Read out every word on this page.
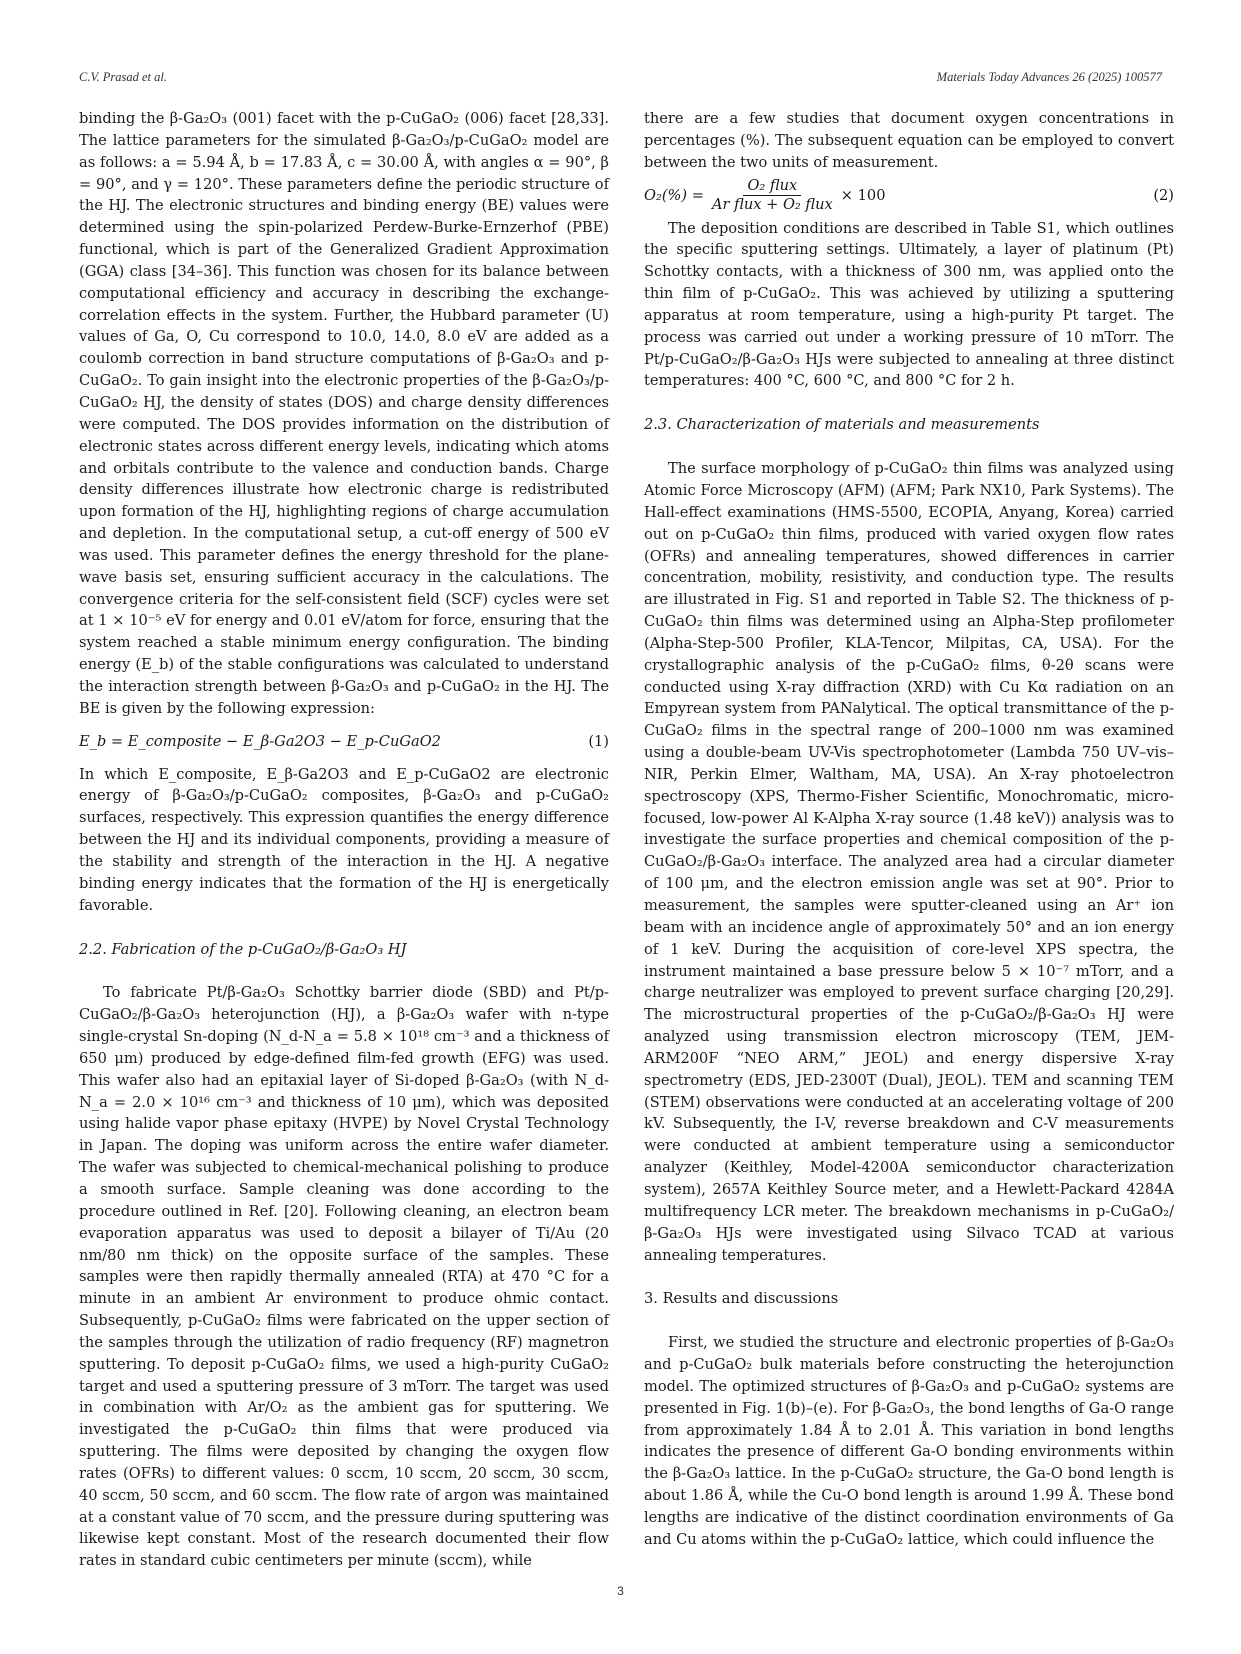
C.V. Prasad et al.	Materials Today Advances 26 (2025) 100577

binding the β-Ga₂O₃ (001) facet with the p-CuGaO₂ (006) facet [28,33]. The lattice parameters for the simulated β-Ga₂O₃/p-CuGaO₂ model are as follows: a = 5.94 Å, b = 17.83 Å, c = 30.00 Å, with angles α = 90°, β = 90°, and γ = 120°. These parameters define the periodic structure of the HJ. The electronic structures and binding energy (BE) values were determined using the spin-polarized Perdew-Burke-Ernzerhof (PBE) functional, which is part of the Generalized Gradient Approximation (GGA) class [34–36]. This function was chosen for its balance between computational efficiency and accuracy in describing the exchange-correlation effects in the system. Further, the Hubbard parameter (U) values of Ga, O, Cu correspond to 10.0, 14.0, 8.0 eV are added as a coulomb correction in band structure computations of β-Ga₂O₃ and p-CuGaO₂. To gain insight into the electronic properties of the β-Ga₂O₃/p-CuGaO₂ HJ, the density of states (DOS) and charge density differences were computed. The DOS provides information on the distribution of electronic states across different energy levels, indicating which atoms and orbitals contribute to the valence and conduction bands. Charge density differences illustrate how electronic charge is redistributed upon formation of the HJ, highlighting regions of charge accumulation and depletion. In the computational setup, a cut-off energy of 500 eV was used. This parameter defines the energy threshold for the plane-wave basis set, ensuring sufficient accuracy in the calculations. The convergence criteria for the self-consistent field (SCF) cycles were set at 1 × 10⁻⁵ eV for energy and 0.01 eV/atom for force, ensuring that the system reached a stable minimum energy configuration. The binding energy (E_b) of the stable configurations was calculated to understand the interaction strength between β-Ga₂O₃ and p-CuGaO₂ in the HJ. The BE is given by the following expression:

E_b = E_composite − E_β-Ga2O3 − E_p-CuGaO2	(1)

In which E_composite, E_β-Ga2O3 and E_p-CuGaO2 are electronic energy of β-Ga₂O₃/p-CuGaO₂ composites, β-Ga₂O₃ and p-CuGaO₂ surfaces, respectively. This expression quantifies the energy difference between the HJ and its individual components, providing a measure of the stability and strength of the interaction in the HJ. A negative binding energy indicates that the formation of the HJ is energetically favorable.

2.2. Fabrication of the p-CuGaO₂/β-Ga₂O₃ HJ

To fabricate Pt/β-Ga₂O₃ Schottky barrier diode (SBD) and Pt/p-CuGaO₂/β-Ga₂O₃ heterojunction (HJ), a β-Ga₂O₃ wafer with n-type single-crystal Sn-doping (N_d-N_a = 5.8 × 10¹⁸ cm⁻³ and a thickness of 650 μm) produced by edge-defined film-fed growth (EFG) was used. This wafer also had an epitaxial layer of Si-doped β-Ga₂O₃ (with N_d-N_a = 2.0 × 10¹⁶ cm⁻³ and thickness of 10 μm), which was deposited using halide vapor phase epitaxy (HVPE) by Novel Crystal Technology in Japan. The doping was uniform across the entire wafer diameter. The wafer was subjected to chemical-mechanical polishing to produce a smooth surface. Sample cleaning was done according to the procedure outlined in Ref. [20]. Following cleaning, an electron beam evaporation apparatus was used to deposit a bilayer of Ti/Au (20 nm/80 nm thick) on the opposite surface of the samples. These samples were then rapidly thermally annealed (RTA) at 470 °C for a minute in an ambient Ar environment to produce ohmic contact. Subsequently, p-CuGaO₂ films were fabricated on the upper section of the samples through the utilization of radio frequency (RF) magnetron sputtering. To deposit p-CuGaO₂ films, we used a high-purity CuGaO₂ target and used a sputtering pressure of 3 mTorr. The target was used in combination with Ar/O₂ as the ambient gas for sputtering. We investigated the p-CuGaO₂ thin films that were produced via sputtering. The films were deposited by changing the oxygen flow rates (OFRs) to different values: 0 sccm, 10 sccm, 20 sccm, 30 sccm, 40 sccm, 50 sccm, and 60 sccm. The flow rate of argon was maintained at a constant value of 70 sccm, and the pressure during sputtering was likewise kept constant. Most of the research documented their flow rates in standard cubic centimeters per minute (sccm), while

there are a few studies that document oxygen concentrations in percentages (%). The subsequent equation can be employed to convert between the two units of measurement.

$O_2(\%) = \frac{\text{O₂ flux}}{\text{Ar flux + O₂ flux}} \times 100$	(2)

The deposition conditions are described in Table S1, which outlines the specific sputtering settings. Ultimately, a layer of platinum (Pt) Schottky contacts, with a thickness of 300 nm, was applied onto the thin film of p-CuGaO₂. This was achieved by utilizing a sputtering apparatus at room temperature, using a high-purity Pt target. The process was carried out under a working pressure of 10 mTorr. The Pt/p-CuGaO₂/β-Ga₂O₃ HJs were subjected to annealing at three distinct temperatures: 400 °C, 600 °C, and 800 °C for 2 h.

2.3. Characterization of materials and measurements

The surface morphology of p-CuGaO₂ thin films was analyzed using Atomic Force Microscopy (AFM) (AFM; Park NX10, Park Systems). The Hall-effect examinations (HMS-5500, ECOPIA, Anyang, Korea) carried out on p-CuGaO₂ thin films, produced with varied oxygen flow rates (OFRs) and annealing temperatures, showed differences in carrier concentration, mobility, resistivity, and conduction type. The results are illustrated in Fig. S1 and reported in Table S2. The thickness of p-CuGaO₂ thin films was determined using an Alpha-Step profilometer (Alpha-Step-500 Profiler, KLA-Tencor, Milpitas, CA, USA). For the crystallographic analysis of the p-CuGaO₂ films, θ-2θ scans were conducted using X-ray diffraction (XRD) with Cu Kα radiation on an Empyrean system from PANalytical. The optical transmittance of the p-CuGaO₂ films in the spectral range of 200–1000 nm was examined using a double-beam UV-Vis spectrophotometer (Lambda 750 UV–vis–NIR, Perkin Elmer, Waltham, MA, USA). An X-ray photoelectron spectroscopy (XPS, Thermo-Fisher Scientific, Monochromatic, micro-focused, low-power Al K-Alpha X-ray source (1.48 keV)) analysis was to investigate the surface properties and chemical composition of the p-CuGaO₂/β-Ga₂O₃ interface. The analyzed area had a circular diameter of 100 μm, and the electron emission angle was set at 90°. Prior to measurement, the samples were sputter-cleaned using an Ar⁺ ion beam with an incidence angle of approximately 50° and an ion energy of 1 keV. During the acquisition of core-level XPS spectra, the instrument maintained a base pressure below 5 × 10⁻⁷ mTorr, and a charge neutralizer was employed to prevent surface charging [20,29]. The microstructural properties of the p-CuGaO₂/β-Ga₂O₃ HJ were analyzed using transmission electron microscopy (TEM, JEM-ARM200F “NEO ARM,” JEOL) and energy dispersive X-ray spectrometry (EDS, JED-2300T (Dual), JEOL). TEM and scanning TEM (STEM) observations were conducted at an accelerating voltage of 200 kV. Subsequently, the I-V, reverse breakdown and C-V measurements were conducted at ambient temperature using a semiconductor analyzer (Keithley, Model-4200A semiconductor characterization system), 2657A Keithley Source meter, and a Hewlett-Packard 4284A multifrequency LCR meter. The breakdown mechanisms in p-CuGaO₂/β-Ga₂O₃ HJs were investigated using Silvaco TCAD at various annealing temperatures.

3. Results and discussions

First, we studied the structure and electronic properties of β-Ga₂O₃ and p-CuGaO₂ bulk materials before constructing the heterojunction model. The optimized structures of β-Ga₂O₃ and p-CuGaO₂ systems are presented in Fig. 1(b)–(e). For β-Ga₂O₃, the bond lengths of Ga-O range from approximately 1.84 Å to 2.01 Å. This variation in bond lengths indicates the presence of different Ga-O bonding environments within the β-Ga₂O₃ lattice. In the p-CuGaO₂ structure, the Ga-O bond length is about 1.86 Å, while the Cu-O bond length is around 1.99 Å. These bond lengths are indicative of the distinct coordination environments of Ga and Cu atoms within the p-CuGaO₂ lattice, which could influence the

3
